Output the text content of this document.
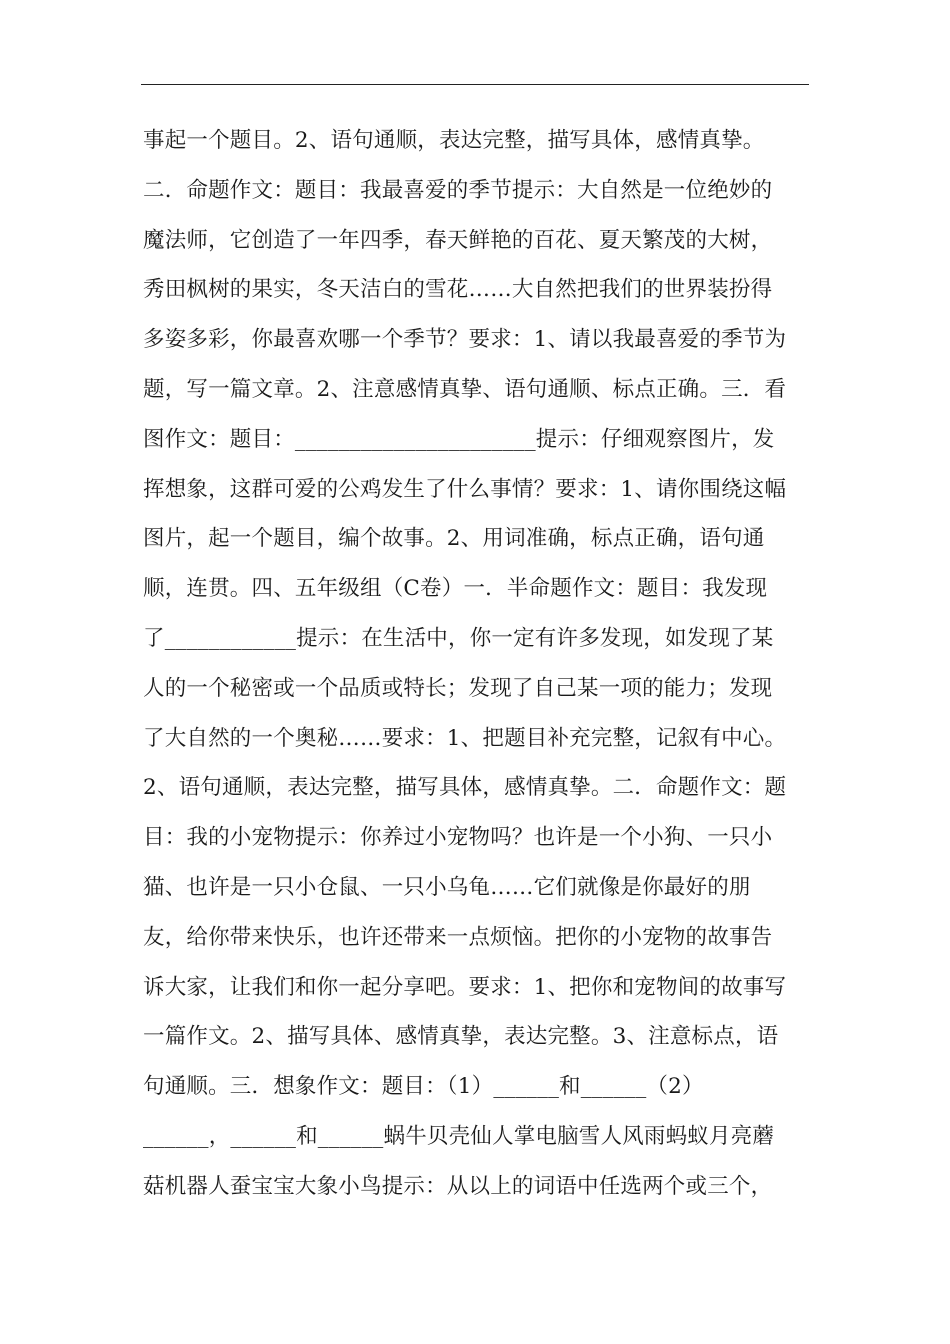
事起一个题目。2、语句通顺，表达完整，描写具体，感情真挚。
二．命题作文：题目：我最喜爱的季节提示：大自然是一位绝妙的
魔法师，它创造了一年四季，春天鲜艳的百花、夏天繁茂的大树，
秀田枫树的果实，冬天洁白的雪花……大自然把我们的世界装扮得
多姿多彩，你最喜欢哪一个季节？要求：1、请以我最喜爱的季节为
题，写一篇文章。2、注意感情真挚、语句通顺、标点正确。三．看
图作文：题目：______________________提示：仔细观察图片，发
挥想象，这群可爱的公鸡发生了什么事情？要求：1、请你围绕这幅
图片，起一个题目，编个故事。2、用词准确，标点正确，语句通
顺，连贯。四、五年级组（C卷）一．半命题作文：题目：我发现
了____________提示：在生活中，你一定有许多发现，如发现了某
人的一个秘密或一个品质或特长；发现了自己某一项的能力；发现
了大自然的一个奥秘……要求：1、把题目补充完整，记叙有中心。
2、语句通顺，表达完整，描写具体，感情真挚。二．命题作文：题
目：我的小宠物提示：你养过小宠物吗？也许是一个小狗、一只小
猫、也许是一只小仓鼠、一只小乌龟……它们就像是你最好的朋
友，给你带来快乐，也许还带来一点烦恼。把你的小宠物的故事告
诉大家，让我们和你一起分享吧。要求：1、把你和宠物间的故事写
一篇作文。2、描写具体、感情真挚，表达完整。3、注意标点，语
句通顺。三．想象作文：题目：（1）______和______（2）
______，______和______蜗牛贝壳仙人掌电脑雪人风雨蚂蚁月亮蘑
菇机器人蚕宝宝大象小鸟提示：从以上的词语中任选两个或三个，
